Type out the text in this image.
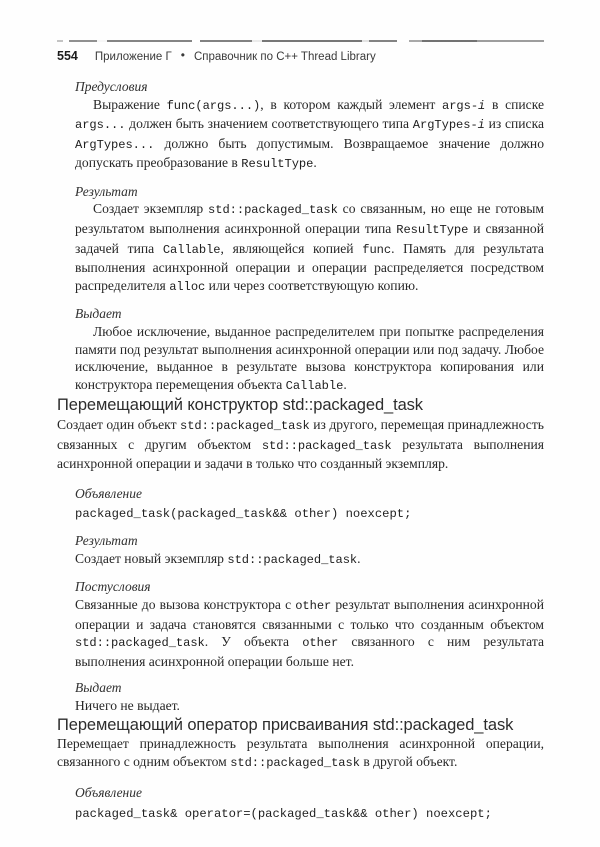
554 Приложение Г • Справочник по C++ Thread Library
Предусловия

Выражение func(args...), в котором каждый элемент args-i в списке args... должен быть значением соответствующего типа ArgTypes-i из списка ArgTypes... должно быть допустимым. Возвращаемое значение должно допускать преобразование в ResultType.

Результат

Создает экземпляр std::packaged_task со связанным, но еще не готовым результатом выполнения асинхронной операции типа ResultType и связанной задачей типа Callable, являющейся копией func. Память для результата выполнения асинхронной операции и операции распределяется посредством распределителя alloc или через соответствующую копию.

Выдает

Любое исключение, выданное распределителем при попытке распределения памяти под результат выполнения асинхронной операции или под задачу. Любое исключение, выданное в результате вызова конструктора копирования или конструктора перемещения объекта Callable.

Перемещающий конструктор std::packaged_task

Создает один объект std::packaged_task из другого, перемещая принадлежность связанных с другим объектом std::packaged_task результата выполнения асинхронной операции и задачи в только что созданный экземпляр.

Объявление
packaged_task(packaged_task&& other) noexcept;
Результат

Создает новый экземпляр std::packaged_task.

Постусловия

Связанные до вызова конструктора с other результат выполнения асинхронной операции и задача становятся связанными с только что созданным объектом std::packaged_task. У объекта other связанного с ним результата выполнения асинхронной операции больше нет.

Выдает

Ничего не выдает.

Перемещающий оператор присваивания std::packaged_task

Перемещает принадлежность результата выполнения асинхронной операции, связанного с одним объектом std::packaged_task в другой объект.

Объявление
packaged_task& operator=(packaged_task&& other) noexcept;
